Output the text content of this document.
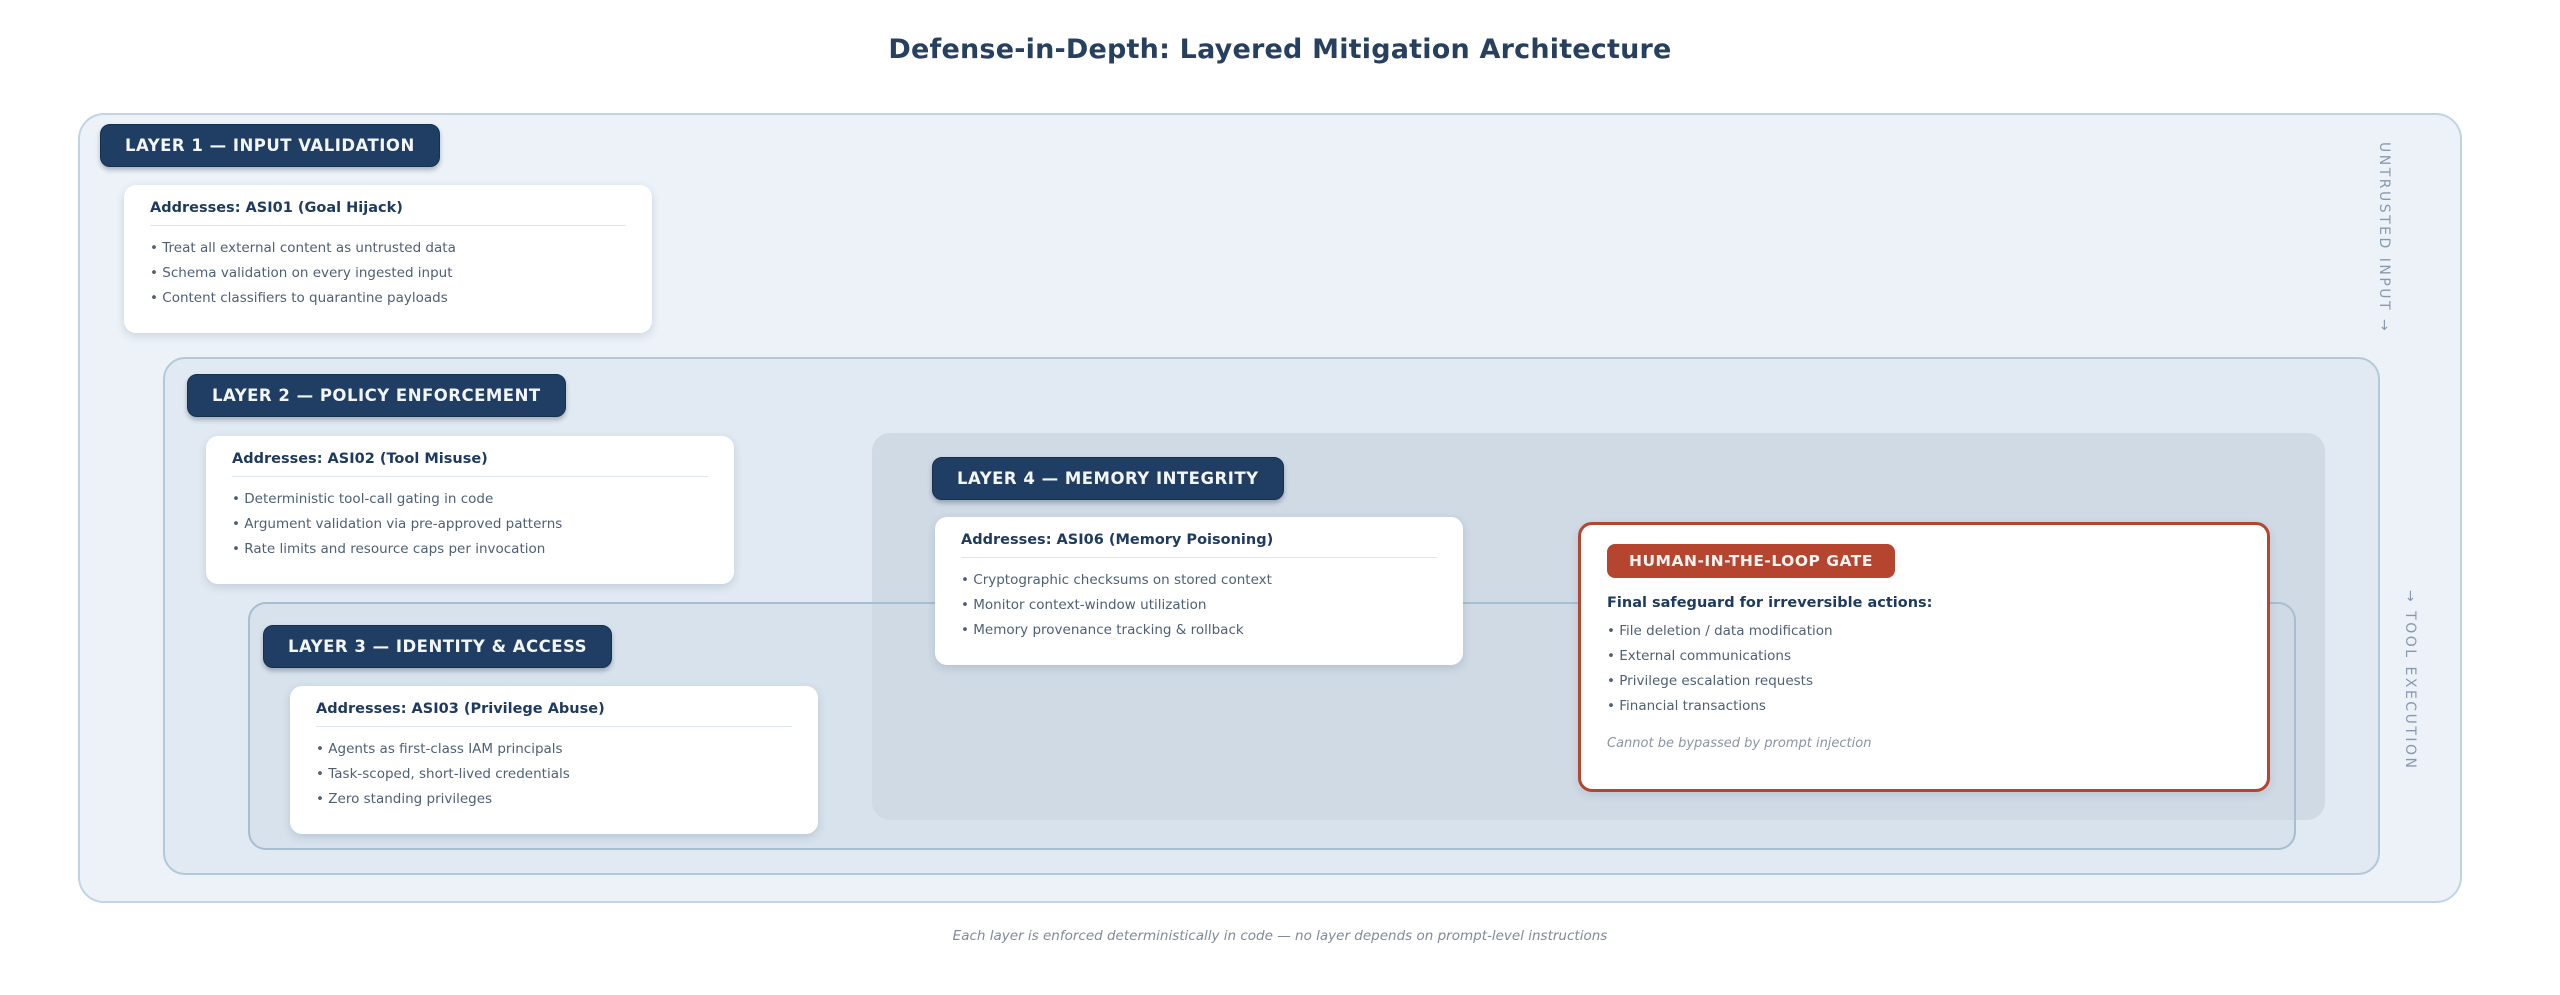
Defense-in-Depth: Layered Mitigation Architecture
LAYER 1 — INPUT VALIDATION
LAYER 2 — POLICY ENFORCEMENT
LAYER 3 — IDENTITY & ACCESS
LAYER 4 — MEMORY INTEGRITY
Addresses: ASI01 (Goal Hijack)
• Treat all external content as untrusted data
• Schema validation on every ingested input
• Content classifiers to quarantine payloads
Addresses: ASI02 (Tool Misuse)
• Deterministic tool-call gating in code
• Argument validation via pre-approved patterns
• Rate limits and resource caps per invocation
Addresses: ASI03 (Privilege Abuse)
• Agents as first-class IAM principals
• Task-scoped, short-lived credentials
• Zero standing privileges
Addresses: ASI06 (Memory Poisoning)
• Cryptographic checksums on stored context
• Monitor context-window utilization
• Memory provenance tracking & rollback
HUMAN-IN-THE-LOOP GATE
Final safeguard for irreversible actions:
• File deletion / data modification
• External communications
• Privilege escalation requests
• Financial transactions
Cannot be bypassed by prompt injection
UNTRUSTED INPUT →
→ TOOL EXECUTION
Each layer is enforced deterministically in code — no layer depends on prompt-level instructions
